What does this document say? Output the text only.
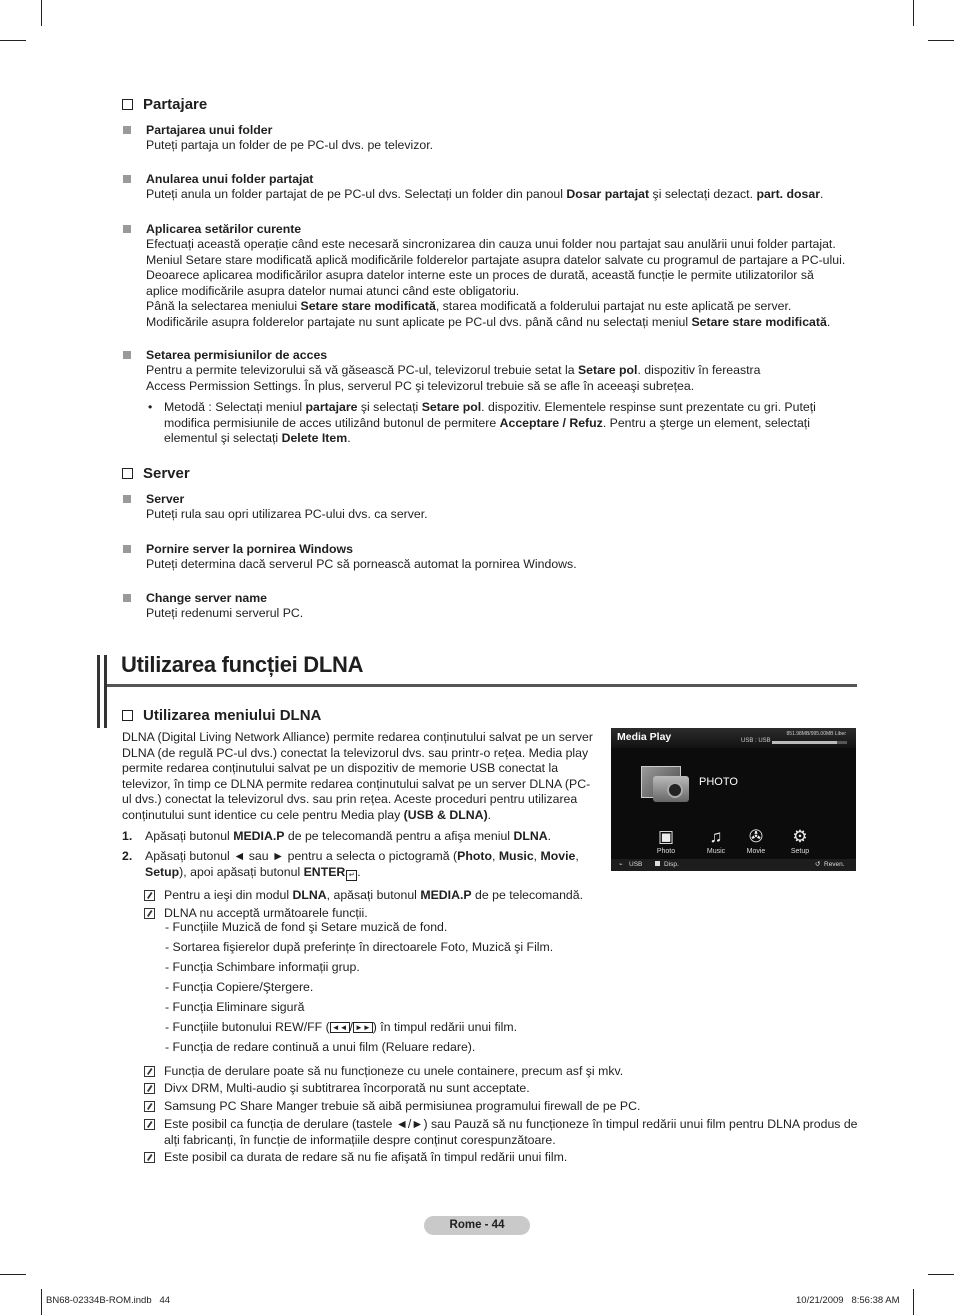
Partajare
Partajarea unui folder
Puteți partaja un folder de pe PC-ul dvs. pe televizor.
Anularea unui folder partajat
Puteți anula un folder partajat de pe PC-ul dvs. Selectați un folder din panoul Dosar partajat şi selectați dezact. part. dosar.
Aplicarea setărilor curente
Efectuați această operație când este necesară sincronizarea din cauza unui folder nou partajat sau anulării unui folder partajat. Meniul Setare stare modificată aplică modificările folderelor partajate asupra datelor salvate cu programul de partajare a PC-ului. Deoarece aplicarea modificărilor asupra datelor interne este un proces de durată, această funcție le permite utilizatorilor să aplice modificările asupra datelor numai atunci când este obligatoriu.
Până la selectarea meniului Setare stare modificată, starea modificată a folderului partajat nu este aplicată pe server.
Modificările asupra folderelor partajate nu sunt aplicate pe PC-ul dvs. până când nu selectați meniul Setare stare modificată.
Setarea permisiunilor de acces
Pentru a permite televizorului să vă găsească PC-ul, televizorul trebuie setat la Setare pol. dispozitiv în fereastra Access Permission Settings. În plus, serverul PC şi televizorul trebuie să se afle în aceeaşi subrețea.
• Metodă : Selectați meniul partajare şi selectați Setare pol. dispozitiv. Elementele respinse sunt prezentate cu gri. Puteți modifica permisiunile de acces utilizând butonul de permitere Acceptare / Refuz. Pentru a şterge un element, selectați elementul şi selectați Delete Item.
Server
Server
Puteți rula sau opri utilizarea PC-ului dvs. ca server.
Pornire server la pornirea Windows
Puteți determina dacă serverul PC să pornească automat la pornirea Windows.
Change server name
Puteți redenumi serverul PC.
Utilizarea funcției DLNA
Utilizarea meniului DLNA
DLNA (Digital Living Network Alliance) permite redarea conținutului salvat pe un server DLNA (de regulă PC-ul dvs.) conectat la televizorul dvs. sau printr-o rețea. Media play permite redarea conținutului salvat pe un dispozitiv de memorie USB conectat la televizor, în timp ce DLNA permite redarea conținutului salvat pe un server DLNA (PC-ul dvs.) conectat la televizorul dvs. sau prin rețea. Aceste proceduri pentru utilizarea conținutului sunt identice cu cele pentru Media play (USB & DLNA).
1. Apăsați butonul MEDIA.P de pe telecomandă pentru a afişa meniul DLNA.
2. Apăsați butonul ◄ sau ► pentru a selecta o pictogramă (Photo, Music, Movie, Setup), apoi apăsați butonul ENTER ↵ .
Pentru a ieşi din modul DLNA, apăsați butonul MEDIA.P de pe telecomandă.
DLNA nu acceptă următoarele funcții.
- Funcțiile Muzică de fond şi Setare muzică de fond.
- Sortarea fişierelor după preferințe în directoarele Foto, Muzică şi Film.
- Funcția Schimbare informații grup.
- Funcția Copiere/Ştergere.
- Funcția Eliminare sigură
- Funcțiile butonului REW/FF ( ◄◄ / ►► ) în timpul redării unui film.
- Funcția de redare continuă a unui film (Reluare redare).
Funcția de derulare poate să nu funcționeze cu unele containere, precum asf şi mkv.
Divx DRM, Multi-audio şi subtitrarea încorporată nu sunt acceptate.
Samsung PC Share Manger trebuie să aibă permisiunea programului firewall de pe PC.
Este posibil ca funcția de derulare (tastele ◄/►) sau Pauză să nu funcționeze în timpul redării unui film pentru DLNA produs de alți fabricanți, în funcție de informațiile despre conținut corespunzătoare.
Este posibil ca durata de redare să nu fie afişată în timpul redării unui film.
Media Play	851.98MB/995.00MB Liber
USB : USB
PHOTO
▣
Photo
♫
Music
✇
Movie
⚙
Setup
⌁ USB	Disp.	↺ Reven.
Rome - 44
BN68-02334B-ROM.indb   44	10/21/2009   8:56:38 AM
